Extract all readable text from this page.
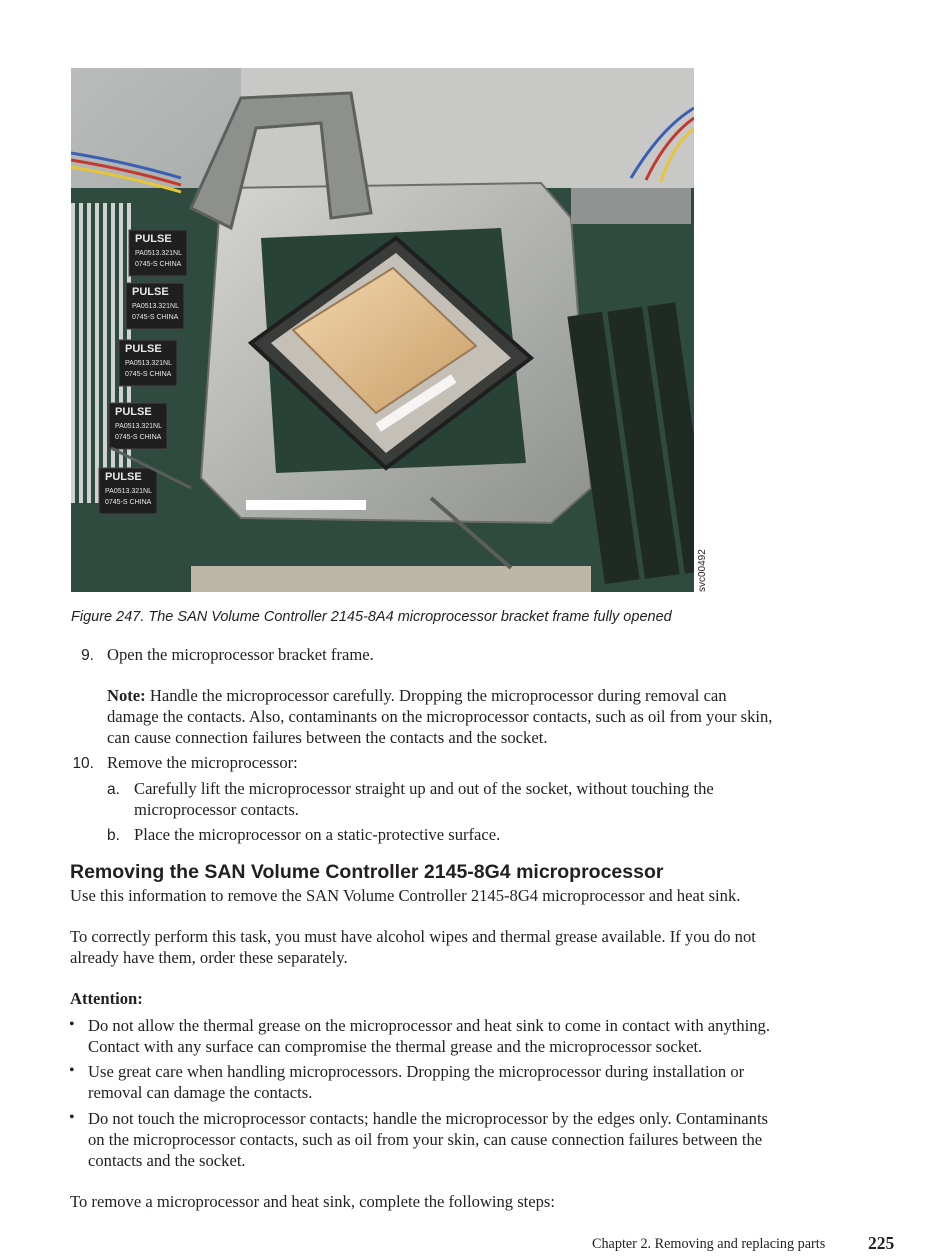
PULSE
PA0513.321NL
0745-S CHINA
PULSE
PA0513.321NL
0745-S CHINA
PULSE
PA0513.321NL
0745-S CHINA
PULSE
PA0513.321NL
0745-S CHINA
PULSE
PA0513.321NL
0745-S CHINA
svc00492
Figure 247. The SAN Volume Controller 2145-8A4 microprocessor bracket frame fully opened
9. Open the microprocessor bracket frame.
Note: Handle the microprocessor carefully. Dropping the microprocessor during removal can
damage the contacts. Also, contaminants on the microprocessor contacts, such as oil from your skin,
can cause connection failures between the contacts and the socket.
10. Remove the microprocessor:
a. Carefully lift the microprocessor straight up and out of the socket, without touching the
microprocessor contacts.
b. Place the microprocessor on a static-protective surface.
Removing the SAN Volume Controller 2145-8G4 microprocessor
Use this information to remove the SAN Volume Controller 2145-8G4 microprocessor and heat sink.
To correctly perform this task, you must have alcohol wipes and thermal grease available. If you do not
already have them, order these separately.
Attention:
• Do not allow the thermal grease on the microprocessor and heat sink to come in contact with anything.
Contact with any surface can compromise the thermal grease and the microprocessor socket.
• Use great care when handling microprocessors. Dropping the microprocessor during installation or
removal can damage the contacts.
• Do not touch the microprocessor contacts; handle the microprocessor by the edges only. Contaminants
on the microprocessor contacts, such as oil from your skin, can cause connection failures between the
contacts and the socket.
To remove a microprocessor and heat sink, complete the following steps:
Chapter 2. Removing and replacing parts 225
